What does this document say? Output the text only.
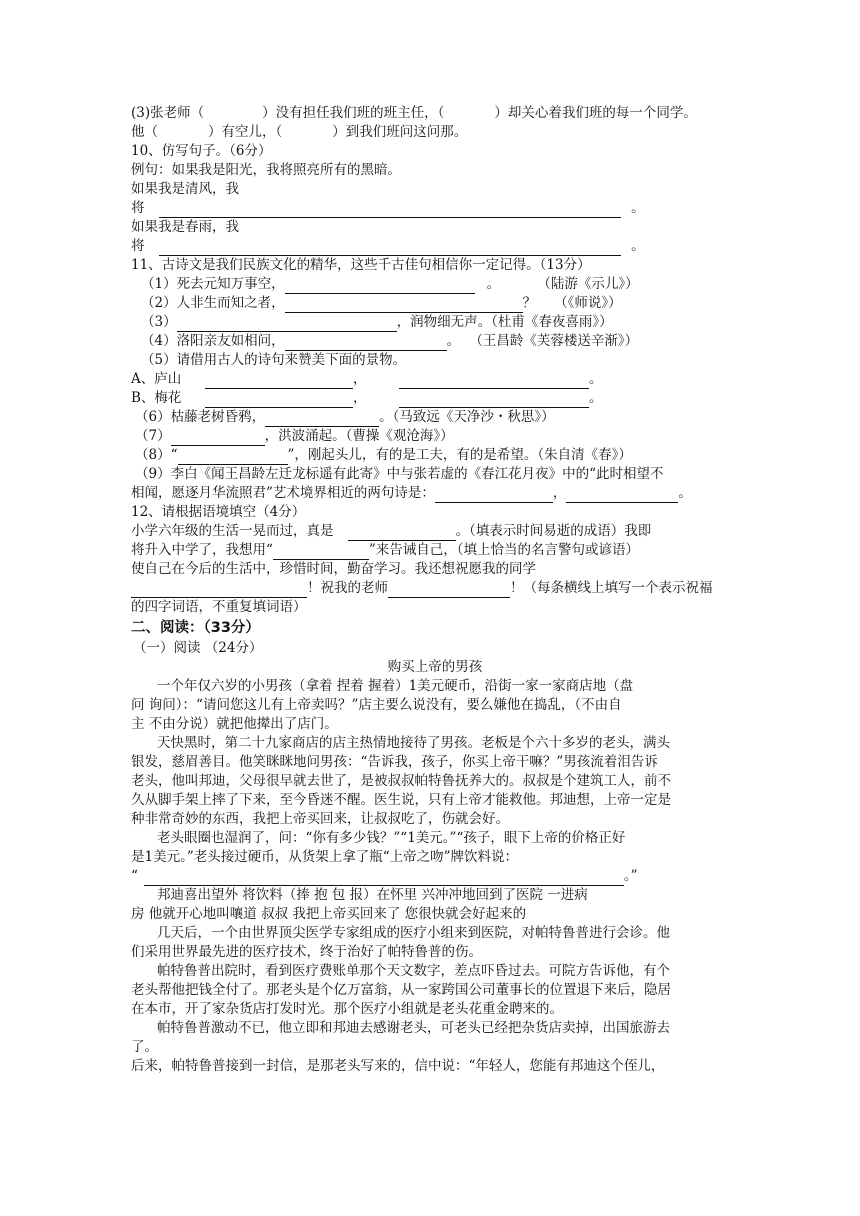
(3)张老师（	）没有担任我们班的班主任，（	）却关心着我们班的每一个同学。
他（	）有空儿，（	）到我们班问这问那。
10、仿写句子。（6分）
例句：如果我是阳光，我将照亮所有的黑暗。
如果我是清风，我
将	。
如果我是春雨，我
将	。
11、古诗文是我们民族文化的精华，这些千古佳句相信你一定记得。（13分）
（1）死去元知万事空，	。	（陆游《示儿》）
（2）人非生而知之者，	？ （《师说》）
（3）	，润物细无声。（杜甫《春夜喜雨》）
（4）洛阳亲友如相问，	。 （王昌龄《芙蓉楼送辛渐》）
（5）请借用古人的诗句来赞美下面的景物。
A、庐山	，	。
B、梅花	，	。
（6）枯藤老树昏鸦，	。（马致远《天净沙・秋思》）
（7）	，洪波涌起。（曹操《观沧海》）
（8）“	”，刚起头儿，有的是工夫，有的是希望。（朱自清《春》）
（9）李白《闻王昌龄左迁龙标遥有此寄》中与张若虚的《春江花月夜》中的“此时相望不
相闻，愿逐月华流照君”艺术境界相近的两句诗是：	，	。
12、请根据语境填空（4分）
小学六年级的生活一晃而过，真是	。（填表示时间易逝的成语）我即
将升入中学了，我想用“	”来告诫自己，（填上恰当的名言警句或谚语）
使自己在今后的生活中，珍惜时间，勤奋学习。我还想祝愿我的同学
！祝我的老师	！（每条横线上填写一个表示祝福
的四字词语，不重复填词语）
二、阅读：（33分）
（一）阅读 （24分）
购买上帝的男孩
一个年仅六岁的小男孩（拿着 捏着 握着）1美元硬币，沿街一家一家商店地（盘
问 询问）：“请问您这儿有上帝卖吗？”店主要么说没有，要么嫌他在捣乱，（不由自
主 不由分说）就把他撵出了店门。
天快黑时，第二十九家商店的店主热情地接待了男孩。老板是个六十多岁的老头，满头
银发，慈眉善目。他笑眯眯地问男孩：“告诉我，孩子，你买上帝干嘛？”男孩流着泪告诉
老头，他叫邦迪，父母很早就去世了，是被叔叔帕特鲁抚养大的。叔叔是个建筑工人，前不
久从脚手架上摔了下来，至今昏迷不醒。医生说，只有上帝才能救他。邦迪想，上帝一定是
种非常奇妙的东西，我把上帝买回来，让叔叔吃了，伤就会好。
老头眼圈也湿润了，问：“你有多少钱？”“1美元。”“孩子，眼下上帝的价格正好
是1美元。”老头接过硬币，从货架上拿了瓶“上帝之吻”牌饮料说：
“	。”
邦迪喜出望外 将饮料（捧 抱 包 报）在怀里 兴冲冲地回到了医院 一进病
房 他就开心地叫嚷道 叔叔 我把上帝买回来了 您很快就会好起来的
几天后，一个由世界顶尖医学专家组成的医疗小组来到医院，对帕特鲁普进行会诊。他
们采用世界最先进的医疗技术，终于治好了帕特鲁普的伤。
帕特鲁普出院时，看到医疗费账单那个天文数字，差点吓昏过去。可院方告诉他，有个
老头帮他把钱全付了。那老头是个亿万富翁，从一家跨国公司董事长的位置退下来后，隐居
在本市，开了家杂货店打发时光。那个医疗小组就是老头花重金聘来的。
帕特鲁普激动不已，他立即和邦迪去感谢老头，可老头已经把杂货店卖掉，出国旅游去
了。
后来，帕特鲁普接到一封信，是那老头写来的，信中说：“年轻人，您能有邦迪这个侄儿，
